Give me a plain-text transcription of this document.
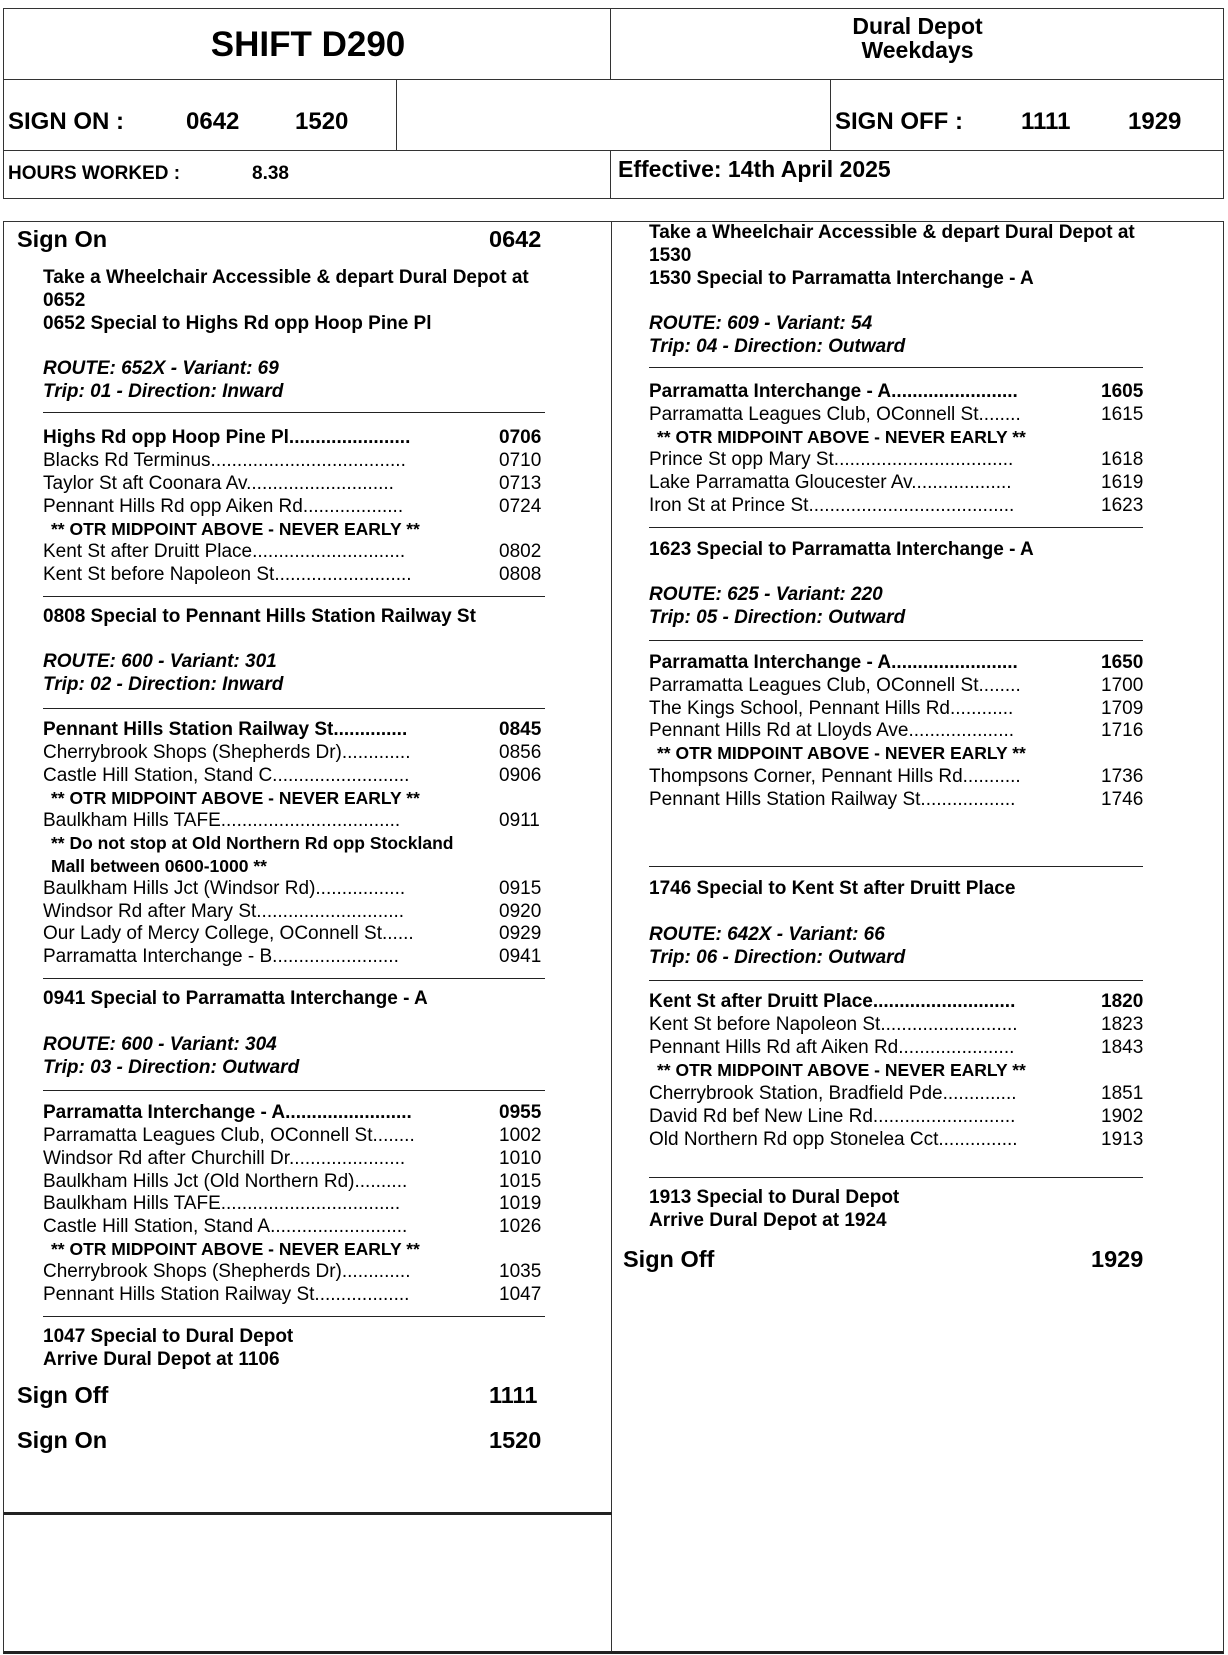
SHIFT D290	Dural Depot
Weekdays
SIGN ON :	0642 1520	SIGN OFF : 1111 1929
HOURS WORKED :	8.38	Effective: 14th April 2025
Sign On	0642
Take a Wheelchair Accessible & depart Dural Depot at
0652
0652 Special to Highs Rd opp Hoop Pine Pl
ROUTE: 652X - Variant: 69
Trip: 01 - Direction: Inward
Highs Rd opp Hoop Pine Pl.......................	0706
Blacks Rd Terminus.....................................	0710
Taylor St aft Coonara Av............................	0713
Pennant Hills Rd opp Aiken Rd...................	0724
** OTR MIDPOINT ABOVE - NEVER EARLY **
Kent St after Druitt Place.............................	0802
Kent St before Napoleon St..........................	0808
0808 Special to Pennant Hills Station Railway St
ROUTE: 600 - Variant: 301
Trip: 02 - Direction: Inward
Pennant Hills Station Railway St..............	0845
Cherrybrook Shops (Shepherds Dr).............	0856
Castle Hill Station, Stand C..........................	0906
** OTR MIDPOINT ABOVE - NEVER EARLY **
Baulkham Hills TAFE..................................	0911
** Do not stop at Old Northern Rd opp Stockland
Mall between 0600-1000 **
Baulkham Hills Jct (Windsor Rd).................	0915
Windsor Rd after Mary St............................	0920
Our Lady of Mercy College, OConnell St......	0929
Parramatta Interchange - B........................	0941
0941 Special to Parramatta Interchange - A
ROUTE: 600 - Variant: 304
Trip: 03 - Direction: Outward
Parramatta Interchange - A........................	0955
Parramatta Leagues Club, OConnell St........	1002
Windsor Rd after Churchill Dr......................	1010
Baulkham Hills Jct (Old Northern Rd)..........	1015
Baulkham Hills TAFE..................................	1019
Castle Hill Station, Stand A..........................	1026
** OTR MIDPOINT ABOVE - NEVER EARLY **
Cherrybrook Shops (Shepherds Dr).............	1035
Pennant Hills Station Railway St..................	1047
1047 Special to Dural Depot
Arrive Dural Depot at 1106
Sign Off	1111
Sign On	1520
Take a Wheelchair Accessible & depart Dural Depot at
1530
1530 Special to Parramatta Interchange - A
ROUTE: 609 - Variant: 54
Trip: 04 - Direction: Outward
Parramatta Interchange - A........................	1605
Parramatta Leagues Club, OConnell St........	1615
** OTR MIDPOINT ABOVE - NEVER EARLY **
Prince St opp Mary St..................................	1618
Lake Parramatta Gloucester Av...................	1619
Iron St at Prince St.......................................	1623
1623 Special to Parramatta Interchange - A
ROUTE: 625 - Variant: 220
Trip: 05 - Direction: Outward
Parramatta Interchange - A........................	1650
Parramatta Leagues Club, OConnell St........	1700
The Kings School, Pennant Hills Rd............	1709
Pennant Hills Rd at Lloyds Ave....................	1716
** OTR MIDPOINT ABOVE - NEVER EARLY **
Thompsons Corner, Pennant Hills Rd...........	1736
Pennant Hills Station Railway St..................	1746
1746 Special to Kent St after Druitt Place
ROUTE: 642X - Variant: 66
Trip: 06 - Direction: Outward
Kent St after Druitt Place...........................	1820
Kent St before Napoleon St..........................	1823
Pennant Hills Rd aft Aiken Rd......................	1843
** OTR MIDPOINT ABOVE - NEVER EARLY **
Cherrybrook Station, Bradfield Pde..............	1851
David Rd bef New Line Rd...........................	1902
Old Northern Rd opp Stonelea Cct...............	1913
1913 Special to Dural Depot
Arrive Dural Depot at 1924
Sign Off	1929
